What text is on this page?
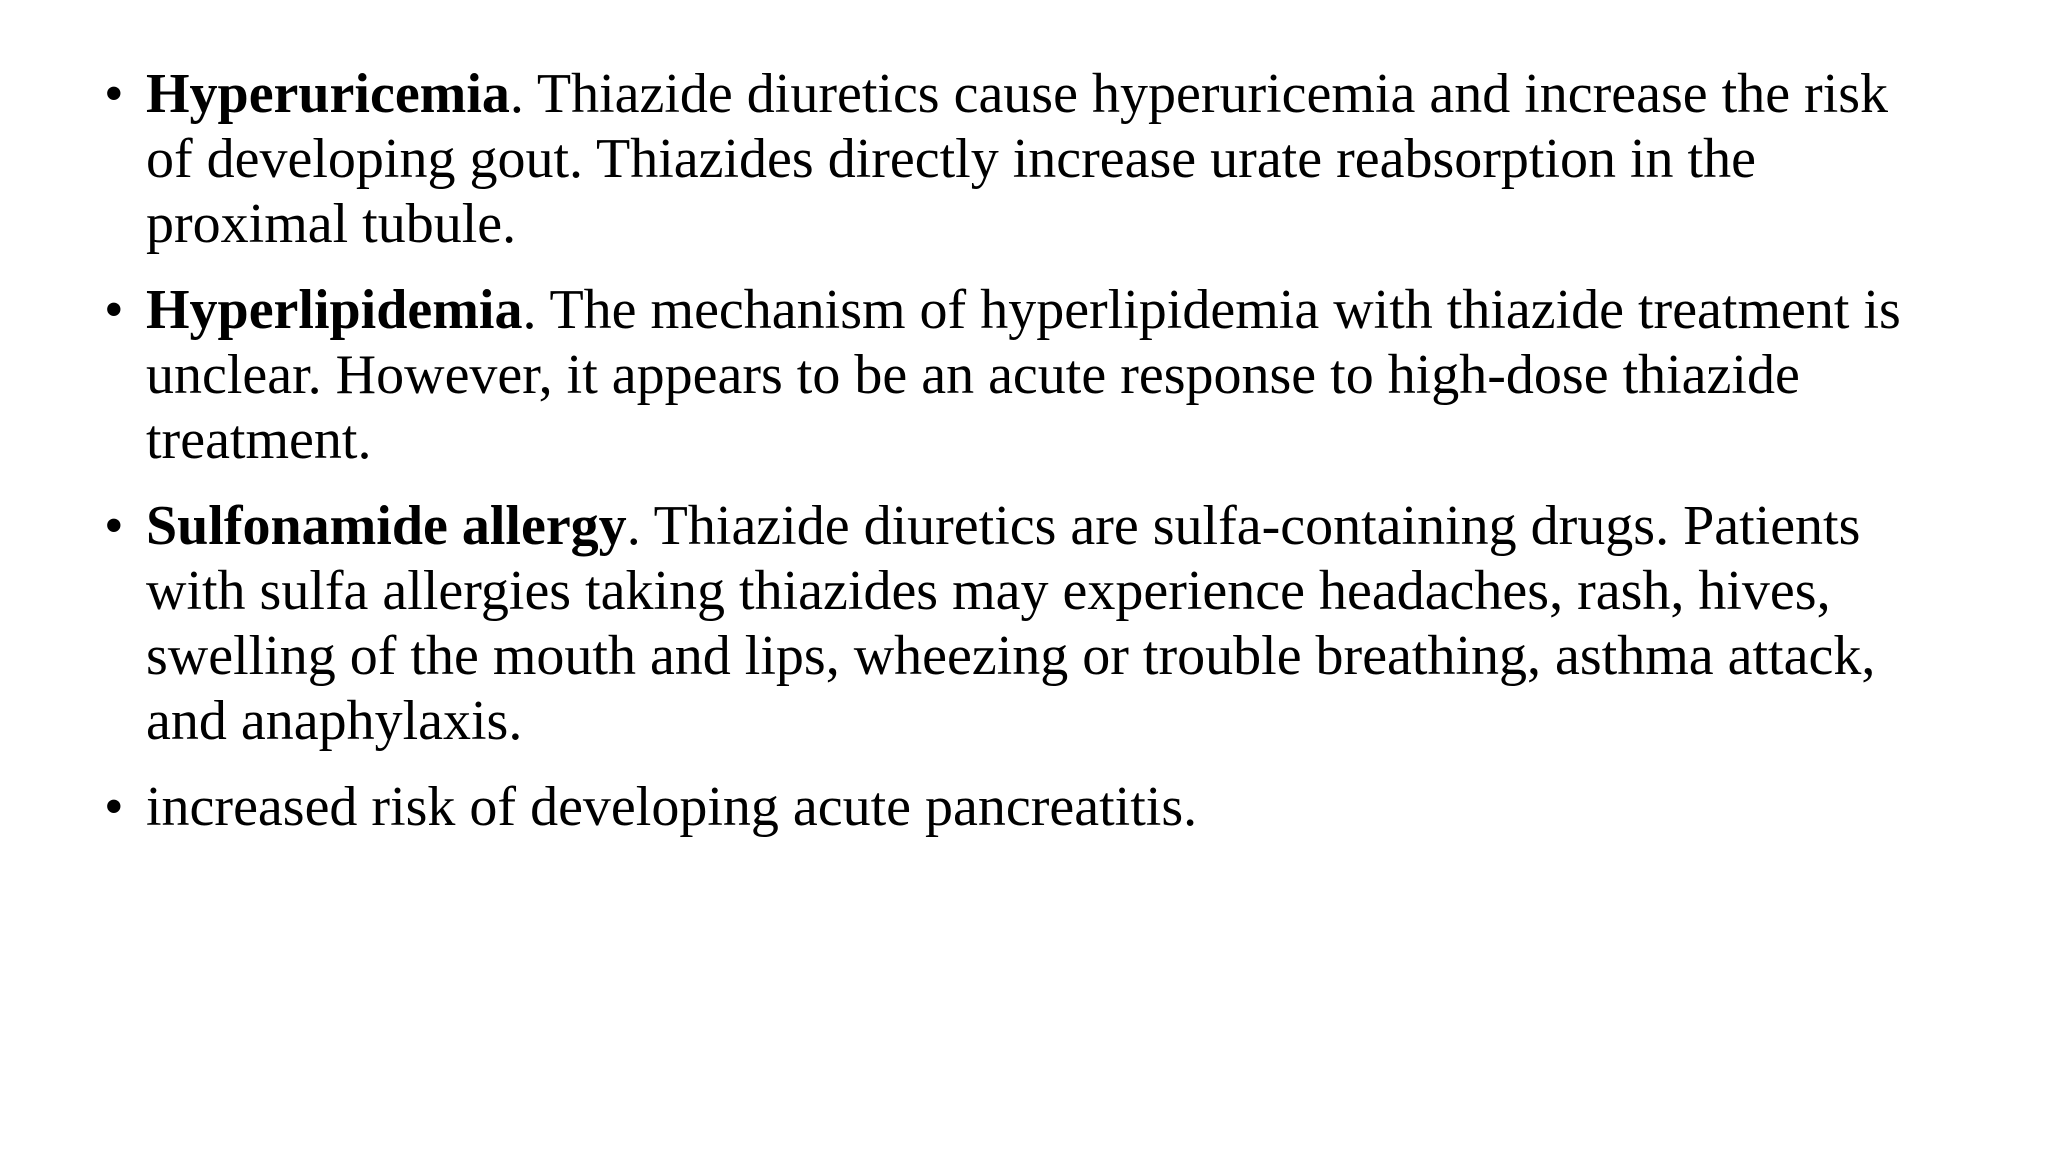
• Hyperuricemia. Thiazide diuretics cause hyperuricemia and increase the risk of developing gout. Thiazides directly increase urate reabsorption in the proximal tubule.
• Hyperlipidemia. The mechanism of hyperlipidemia with thiazide treatment is unclear. However, it appears to be an acute response to high-dose thiazide treatment.
• Sulfonamide allergy. Thiazide diuretics are sulfa-containing drugs. Patients with sulfa allergies taking thiazides may experience headaches, rash, hives, swelling of the mouth and lips, wheezing or trouble breathing, asthma attack, and anaphylaxis.
• increased risk of developing acute pancreatitis.
